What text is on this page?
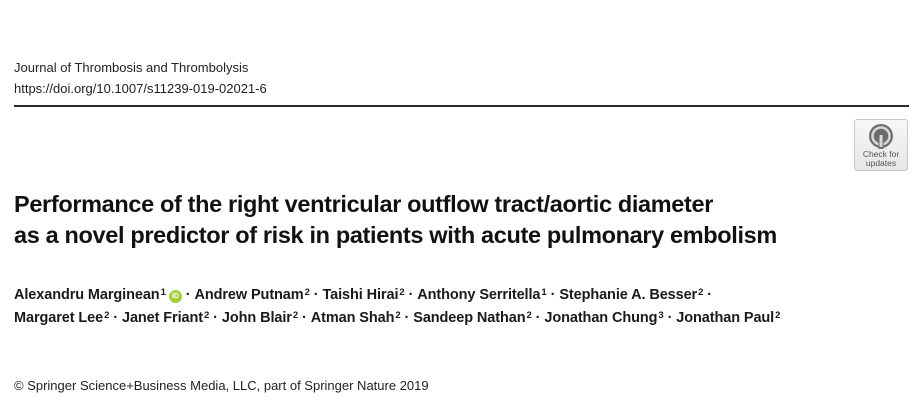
Journal of Thrombosis and Thrombolysis
https://doi.org/10.1007/s11239-019-02021-6
Check for
updates
Performance of the right ventricular outflow tract/aortic diameter
as a novel predictor of risk in patients with acute pulmonary embolism
Alexandru Marginean$^1$ iD · Andrew Putnam$^2$ · Taishi Hirai$^2$ · Anthony Serritella$^1$ · Stephanie A. Besser$^2$ ·
Margaret Lee$^2$ · Janet Friant$^2$ · John Blair$^2$ · Atman Shah$^2$ · Sandeep Nathan$^2$ · Jonathan Chung$^3$ · Jonathan Paul$^2$
© Springer Science+Business Media, LLC, part of Springer Nature 2019
